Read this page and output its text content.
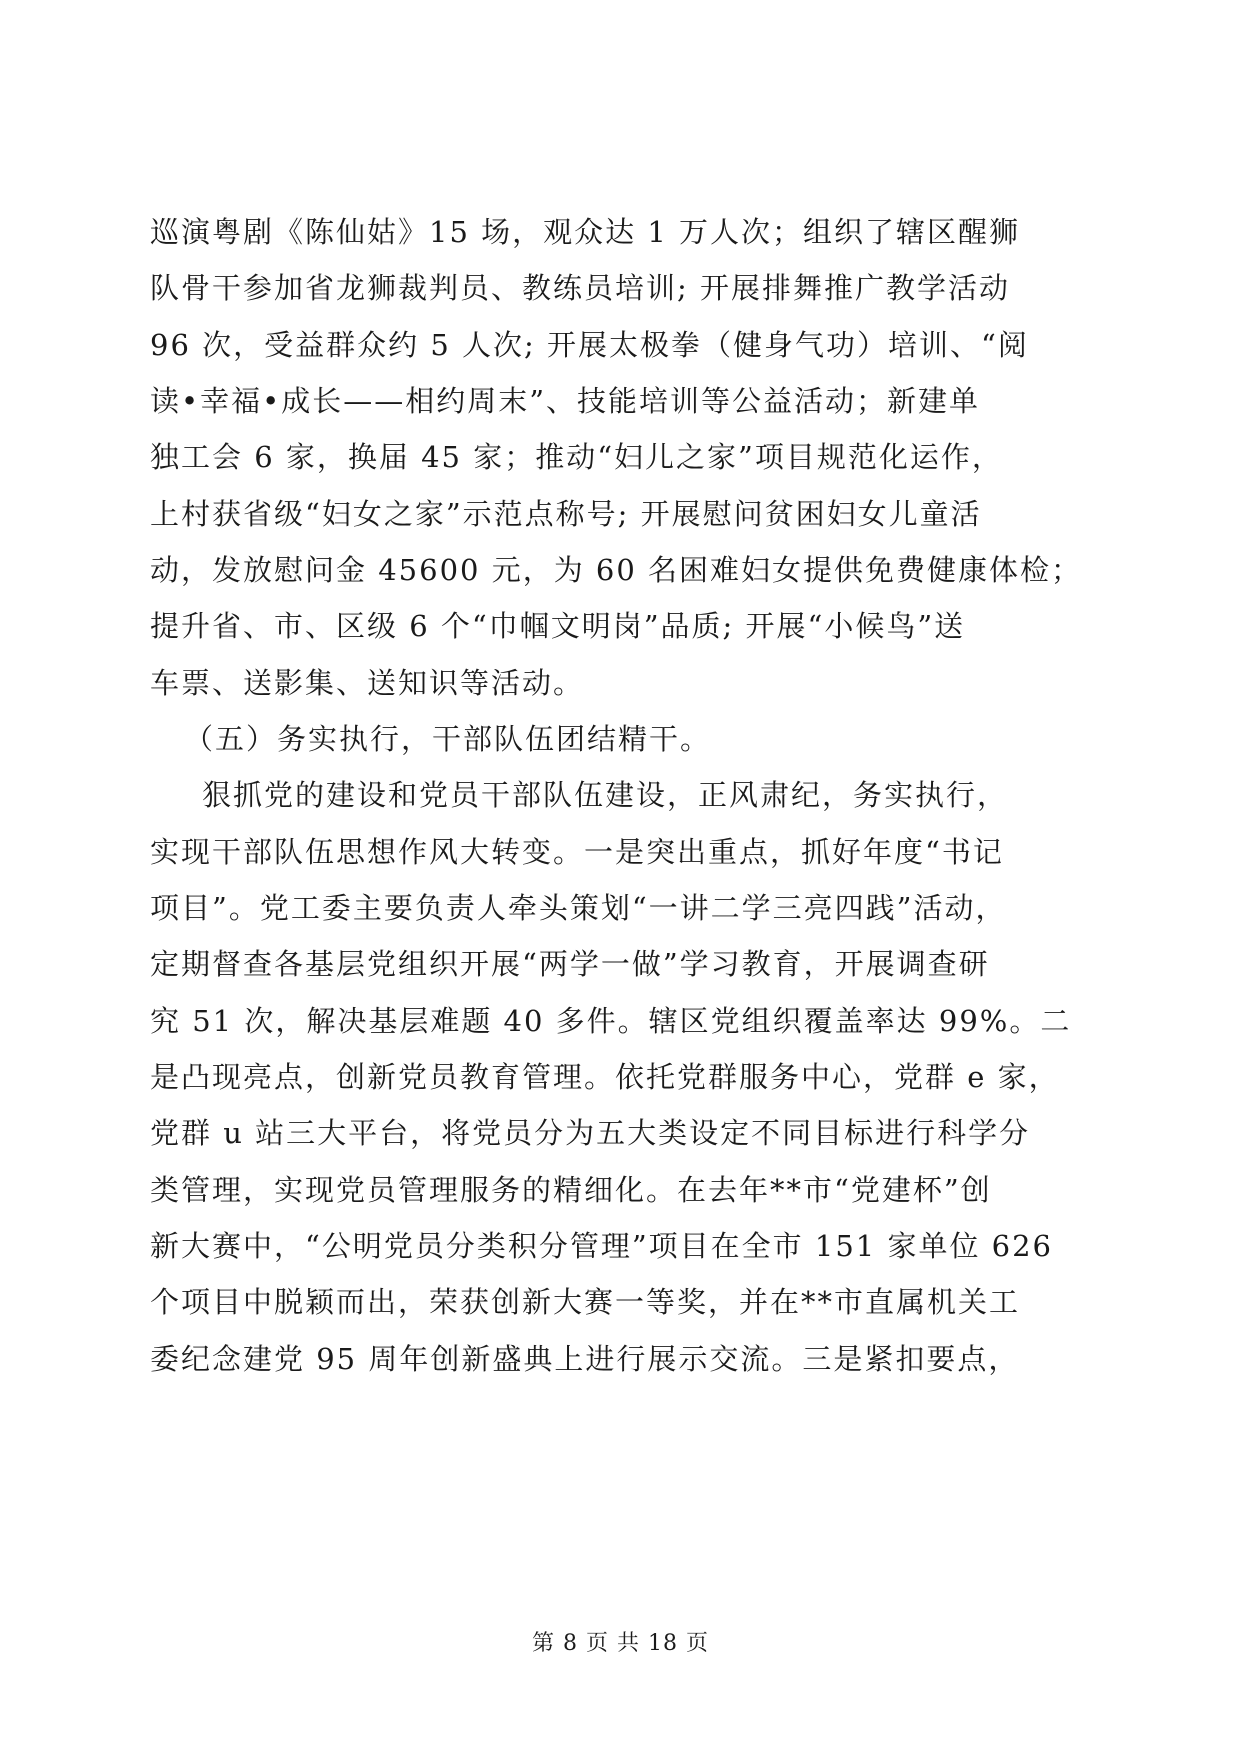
巡演粤剧《陈仙姑》15 场，观众达 1 万人次；组织了辖区醒狮
队骨干参加省龙狮裁判员、教练员培训; 开展排舞推广教学活动
96 次，受益群众约 5 人次; 开展太极拳（健身气功）培训、“阅
读•幸福•成长——相约周末”、技能培训等公益活动；新建单
独工会 6 家，换届 45 家；推动“妇儿之家”项目规范化运作，
上村获省级“妇女之家”示范点称号; 开展慰问贫困妇女儿童活
动，发放慰问金 45600 元，为 60 名困难妇女提供免费健康体检；
提升省、市、区级 6 个“巾帼文明岗”品质; 开展“小候鸟”送
车票、送影集、送知识等活动。
（五）务实执行，干部队伍团结精干。
狠抓党的建设和党员干部队伍建设，正风肃纪，务实执行，
实现干部队伍思想作风大转变。一是突出重点，抓好年度“书记
项目”。党工委主要负责人牵头策划“一讲二学三亮四践”活动，
定期督查各基层党组织开展“两学一做”学习教育，开展调查研
究 51 次，解决基层难题 40 多件。辖区党组织覆盖率达 99%。二
是凸现亮点，创新党员教育管理。依托党群服务中心，党群 e 家，
党群 u 站三大平台，将党员分为五大类设定不同目标进行科学分
类管理，实现党员管理服务的精细化。在去年**市“党建杯”创
新大赛中，“公明党员分类积分管理”项目在全市 151 家单位 626
个项目中脱颖而出，荣获创新大赛一等奖，并在**市直属机关工
委纪念建党 95 周年创新盛典上进行展示交流。三是紧扣要点，
第 8 页 共 18 页
